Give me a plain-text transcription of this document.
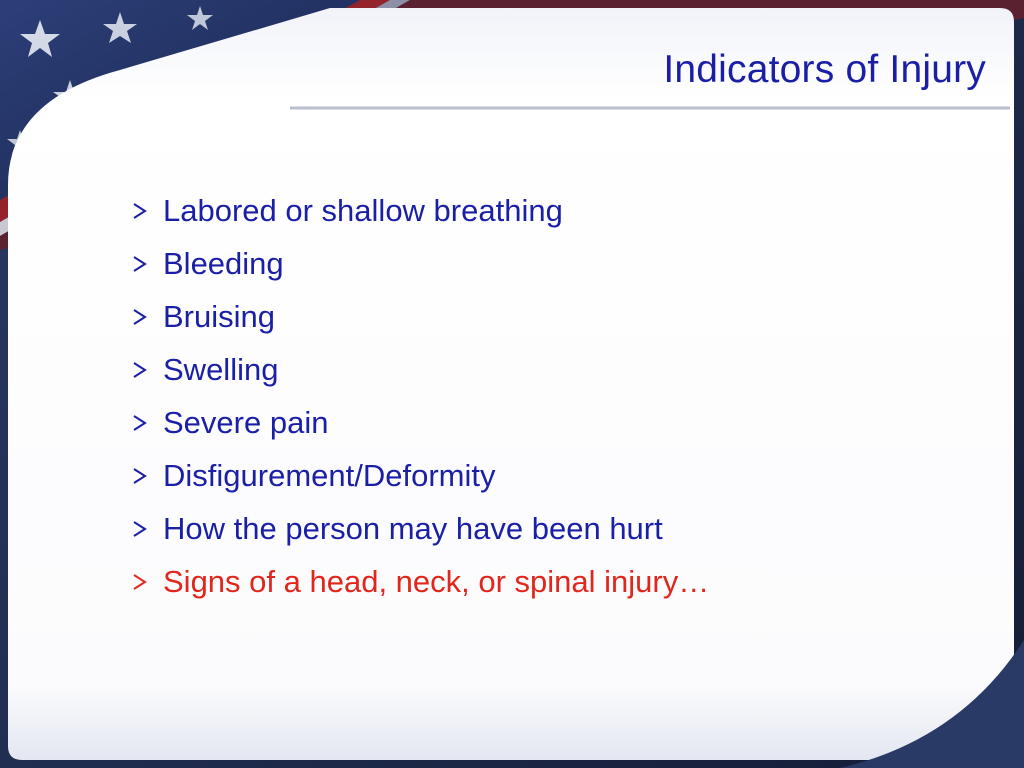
Indicators of Injury
Labored or shallow breathing
Bleeding
Bruising
Swelling
Severe pain
Disfigurement/Deformity
How the person may have been hurt
Signs of a head, neck, or spinal injury…
